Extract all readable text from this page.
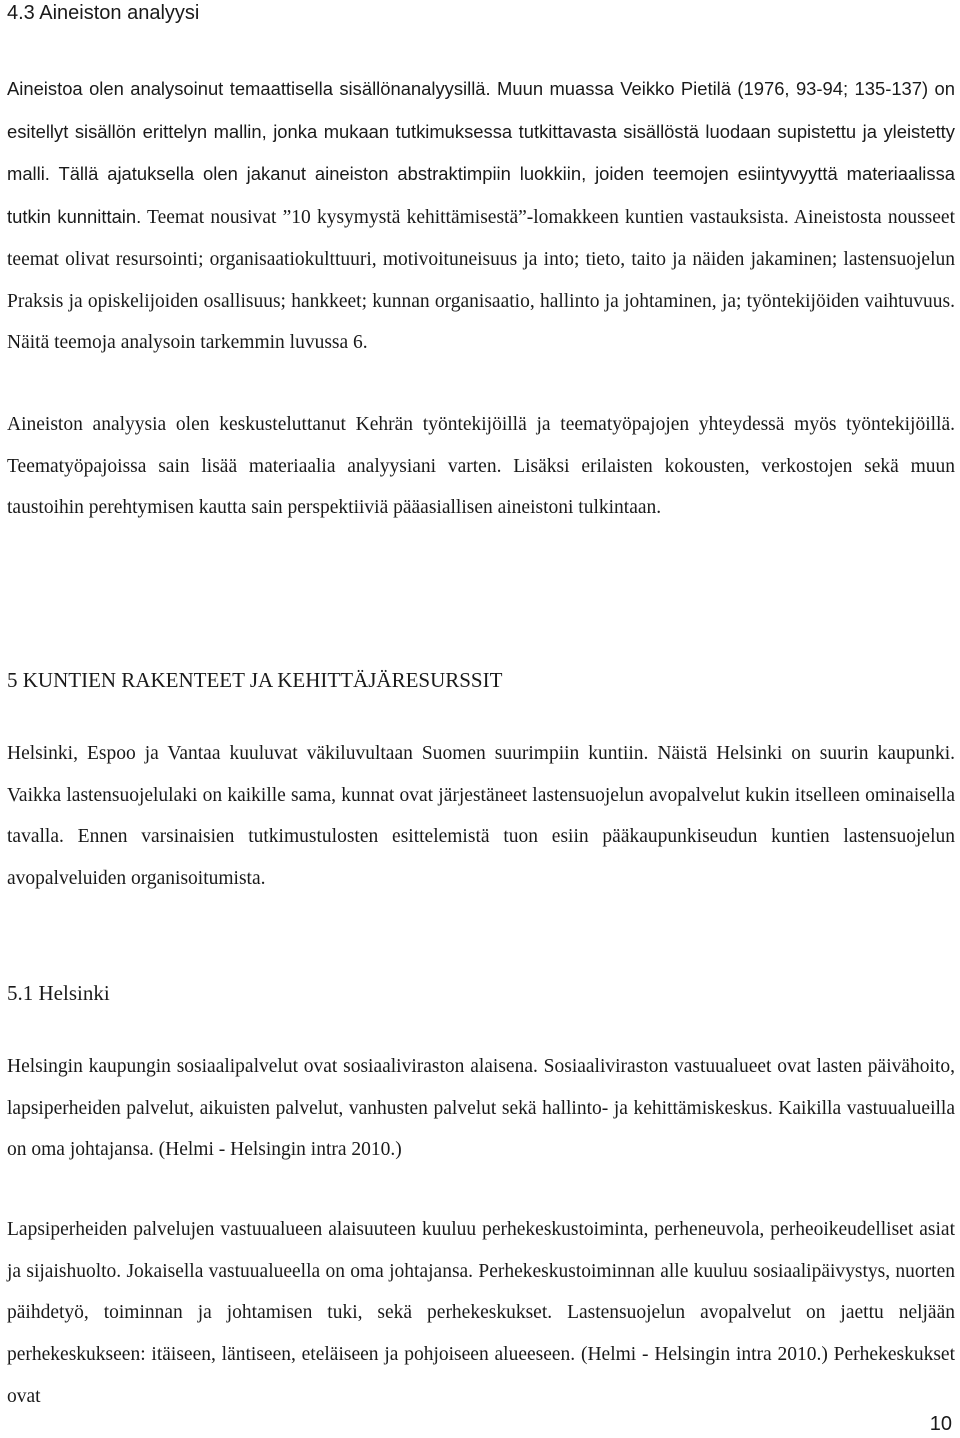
4.3 Aineiston analyysi

Aineistoa olen analysoinut temaattisella sisällönanalyysillä. Muun muassa Veikko Pietilä (1976, 93-94; 135-137) on esitellyt sisällön erittelyn mallin, jonka mukaan tutkimuksessa tutkittavasta sisällöstä luodaan supistettu ja yleistetty malli. Tällä ajatuksella olen jakanut aineiston abstraktimpiin luokkiin, joiden teemojen esiintyvyyttä materiaalissa tutkin kunnittain. Teemat nousivat ”10 kysymystä kehittämisestä”-lomakkeen kuntien vastauksista. Aineistosta nousseet teemat olivat resursointi; organisaatiokulttuuri, motivoituneisuus ja into; tieto, taito ja näiden jakaminen; lastensuojelun Praksis ja opiskelijoiden osallisuus; hankkeet; kunnan organisaatio, hallinto ja johtaminen, ja; työntekijöiden vaihtuvuus. Näitä teemoja analysoin tarkemmin luvussa 6.

Aineiston analyysia olen keskusteluttanut Kehrän työntekijöillä ja teematyöpajojen yhteydessä myös työntekijöillä. Teematyöpajoissa sain lisää materiaalia analyysiani varten. Lisäksi erilaisten kokousten, verkostojen sekä muun taustoihin perehtymisen kautta sain perspektiiviä pääasiallisen aineistoni tulkintaan.

5 KUNTIEN RAKENTEET JA KEHITTÄJÄRESURSSIT

Helsinki, Espoo ja Vantaa kuuluvat väkiluvultaan Suomen suurimpiin kuntiin. Näistä Helsinki on suurin kaupunki. Vaikka lastensuojelulaki on kaikille sama, kunnat ovat järjestäneet lastensuojelun avopalvelut kukin itselleen ominaisella tavalla. Ennen varsinaisien tutkimustulosten esittelemistä tuon esiin pääkaupunkiseudun kuntien lastensuojelun avopalveluiden organisoitumista.

5.1 Helsinki

Helsingin kaupungin sosiaalipalvelut ovat sosiaaliviraston alaisena. Sosiaaliviraston vastuualueet ovat lasten päivähoito, lapsiperheiden palvelut, aikuisten palvelut, vanhusten palvelut sekä hallinto- ja kehittämiskeskus. Kaikilla vastuualueilla on oma johtajansa. (Helmi - Helsingin intra 2010.)

Lapsiperheiden palvelujen vastuualueen alaisuuteen kuuluu perhekeskustoiminta, perheneuvola, perheoikeudelliset asiat ja sijaishuolto. Jokaisella vastuualueella on oma johtajansa. Perhekeskustoiminnan alle kuuluu sosiaalipäivystys, nuorten päihdetyö, toiminnan ja johtamisen tuki, sekä perhekeskukset. Lastensuojelun avopalvelut on jaettu neljään perhekeskukseen: itäiseen, läntiseen, eteläiseen ja pohjoiseen alueeseen. (Helmi - Helsingin intra 2010.) Perhekeskukset ovat

10
